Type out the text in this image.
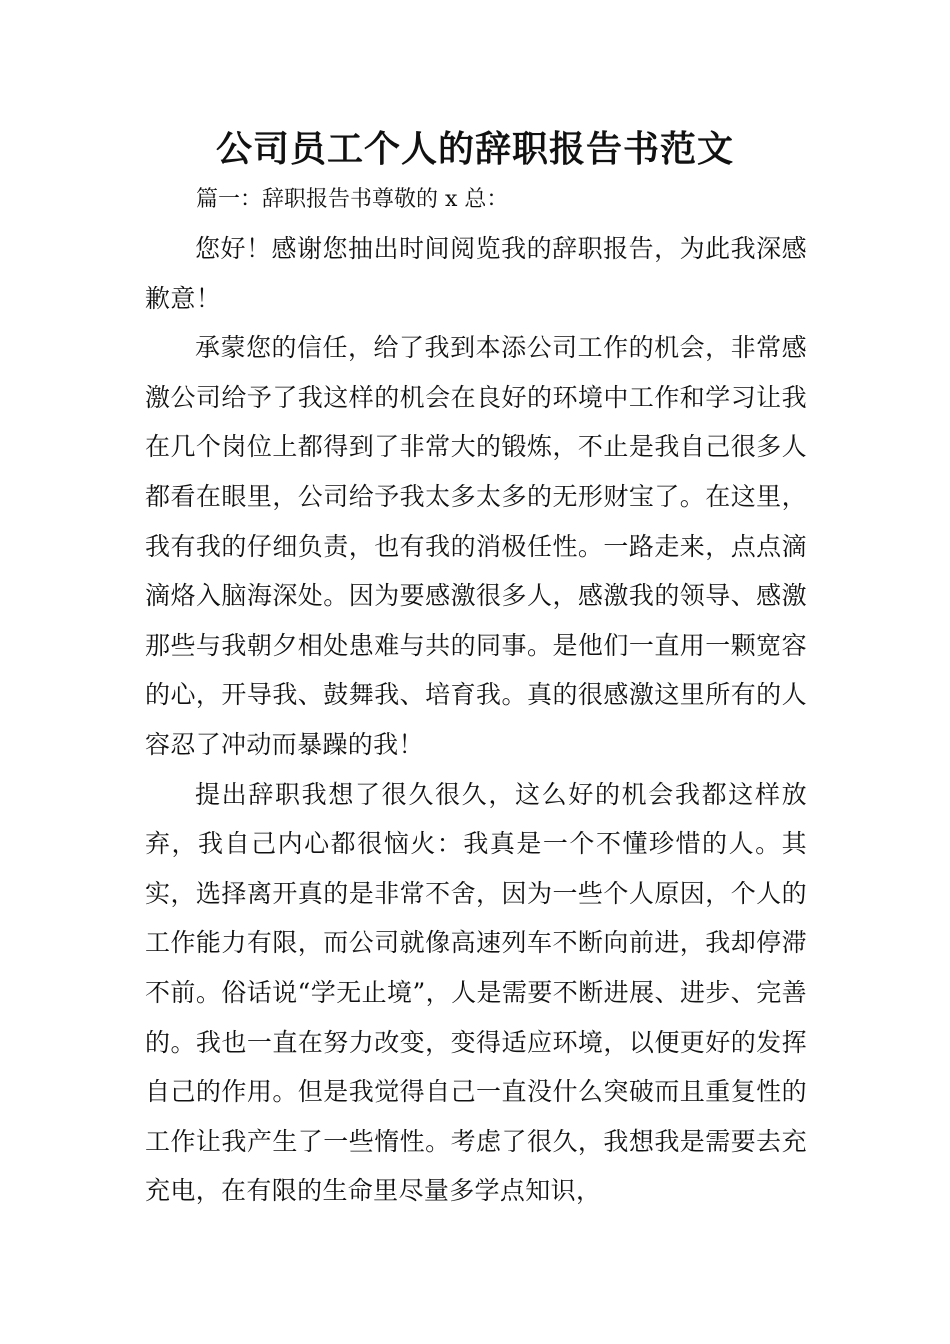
公司员工个人的辞职报告书范文

篇一：辞职报告书尊敬的 x 总：

您好！感谢您抽出时间阅览我的辞职报告，为此我深感歉意！

承蒙您的信任，给了我到本添公司工作的机会，非常感激公司给予了我这样的机会在良好的环境中工作和学习让我在几个岗位上都得到了非常大的锻炼，不止是我自己很多人都看在眼里，公司给予我太多太多的无形财宝了。在这里，我有我的仔细负责，也有我的消极任性。一路走来，点点滴滴烙入脑海深处。因为要感激很多人，感激我的领导、感激那些与我朝夕相处患难与共的同事。是他们一直用一颗宽容的心，开导我、鼓舞我、培育我。真的很感激这里所有的人容忍了冲动而暴躁的我！

提出辞职我想了很久很久，这么好的机会我都这样放弃，我自己内心都很恼火：我真是一个不懂珍惜的人。其实，选择离开真的是非常不舍，因为一些个人原因，个人的工作能力有限，而公司就像高速列车不断向前进，我却停滞不前。俗话说“学无止境”，人是需要不断进展、进步、完善的。我也一直在努力改变，变得适应环境，以便更好的发挥自己的作用。但是我觉得自己一直没什么突破而且重复性的工作让我产生了一些惰性。考虑了很久，我想我是需要去充充电，在有限的生命里尽量多学点知识，
